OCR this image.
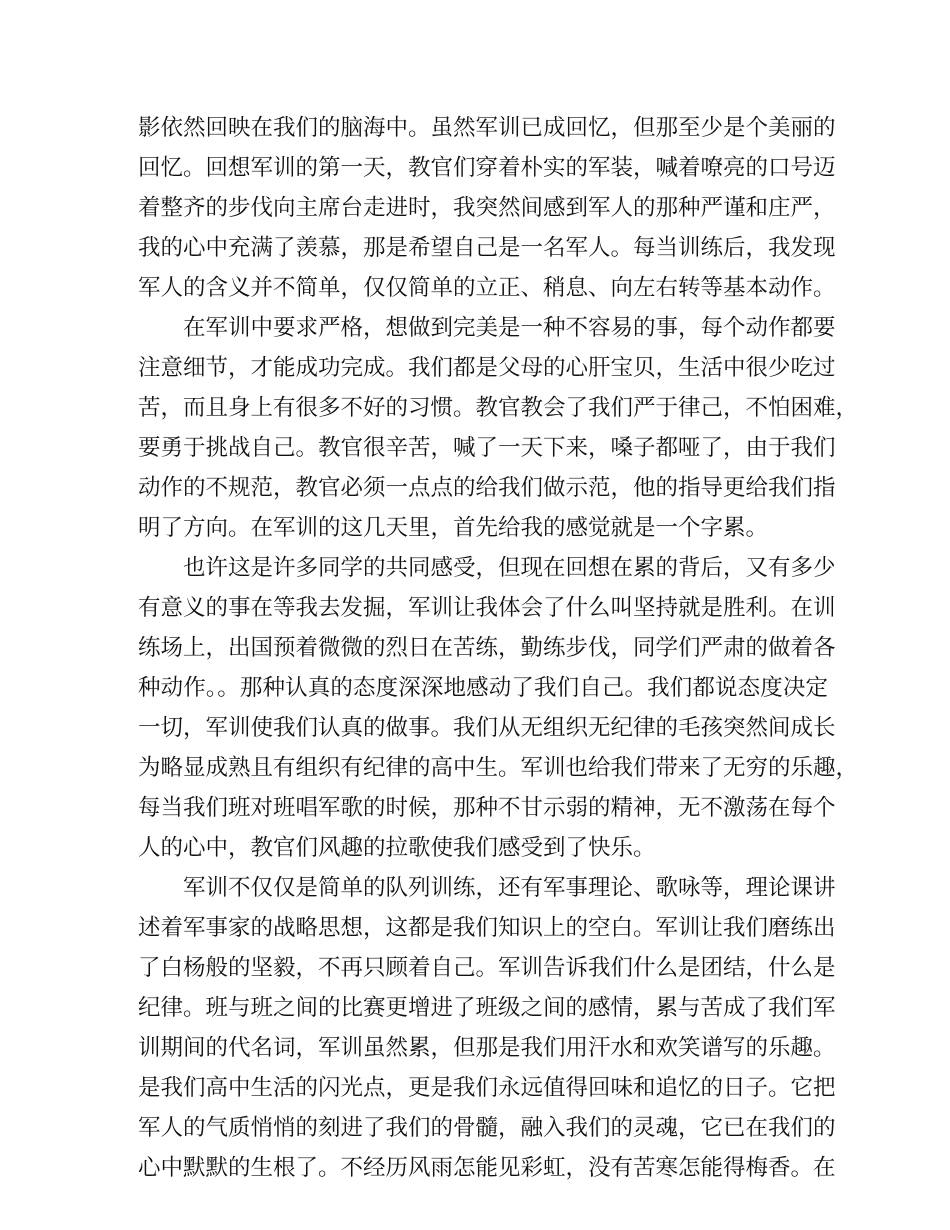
影依然回映在我们的脑海中。虽然军训已成回忆，但那至少是个美丽的
回忆。回想军训的第一天，教官们穿着朴实的军装，喊着嘹亮的口号迈
着整齐的步伐向主席台走进时，我突然间感到军人的那种严谨和庄严，
我的心中充满了羡慕，那是希望自己是一名军人。每当训练后，我发现
军人的含义并不简单，仅仅简单的立正、稍息、向左右转等基本动作。
在军训中要求严格，想做到完美是一种不容易的事，每个动作都要
注意细节，才能成功完成。我们都是父母的心肝宝贝，生活中很少吃过
苦，而且身上有很多不好的习惯。教官教会了我们严于律己，不怕困难，
要勇于挑战自己。教官很辛苦，喊了一天下来，嗓子都哑了，由于我们
动作的不规范，教官必须一点点的给我们做示范，他的指导更给我们指
明了方向。在军训的这几天里，首先给我的感觉就是一个字累。
也许这是许多同学的共同感受，但现在回想在累的背后，又有多少
有意义的事在等我去发掘，军训让我体会了什么叫坚持就是胜利。在训
练场上，出国预着微微的烈日在苦练，勤练步伐，同学们严肃的做着各
种动作。。那种认真的态度深深地感动了我们自己。我们都说态度决定
一切，军训使我们认真的做事。我们从无组织无纪律的毛孩突然间成长
为略显成熟且有组织有纪律的高中生。军训也给我们带来了无穷的乐趣，
每当我们班对班唱军歌的时候，那种不甘示弱的精神，无不激荡在每个
人的心中，教官们风趣的拉歌使我们感受到了快乐。
军训不仅仅是简单的队列训练，还有军事理论、歌咏等，理论课讲
述着军事家的战略思想，这都是我们知识上的空白。军训让我们磨练出
了白杨般的坚毅，不再只顾着自己。军训告诉我们什么是团结，什么是
纪律。班与班之间的比赛更增进了班级之间的感情，累与苦成了我们军
训期间的代名词，军训虽然累，但那是我们用汗水和欢笑谱写的乐趣。
是我们高中生活的闪光点，更是我们永远值得回味和追忆的日子。它把
军人的气质悄悄的刻进了我们的骨髓，融入我们的灵魂，它已在我们的
心中默默的生根了。不经历风雨怎能见彩虹，没有苦寒怎能得梅香。在
